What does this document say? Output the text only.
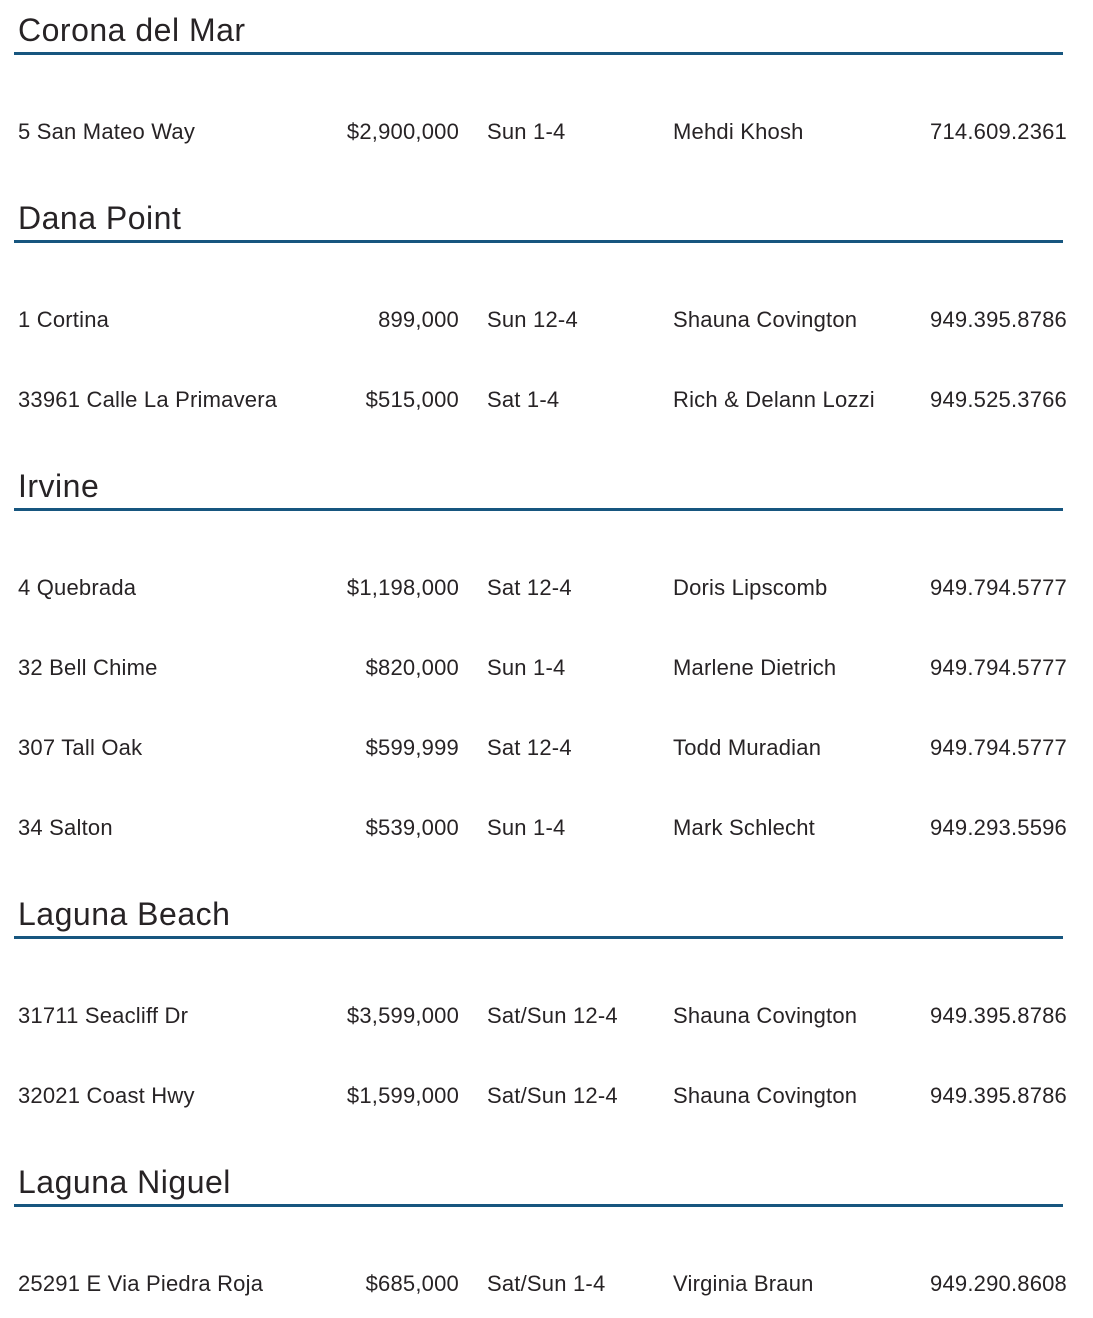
Corona del Mar
5 San Mateo Way	$2,900,000	Sun 1-4	Mehdi Khosh	714.609.2361
Dana Point
1 Cortina	899,000	Sun 12-4	Shauna Covington	949.395.8786
33961 Calle La Primavera	$515,000	Sat 1-4	Rich & Delann Lozzi	949.525.3766
Irvine
4 Quebrada	$1,198,000	Sat 12-4	Doris Lipscomb	949.794.5777
32 Bell Chime	$820,000	Sun 1-4	Marlene Dietrich	949.794.5777
307 Tall Oak	$599,999	Sat 12-4	Todd Muradian	949.794.5777
34 Salton	$539,000	Sun 1-4	Mark Schlecht	949.293.5596
Laguna Beach
31711 Seacliff Dr	$3,599,000	Sat/Sun 12-4	Shauna Covington	949.395.8786
32021 Coast Hwy	$1,599,000	Sat/Sun 12-4	Shauna Covington	949.395.8786
Laguna Niguel
25291 E Via Piedra Roja	$685,000	Sat/Sun 1-4	Virginia Braun	949.290.8608
